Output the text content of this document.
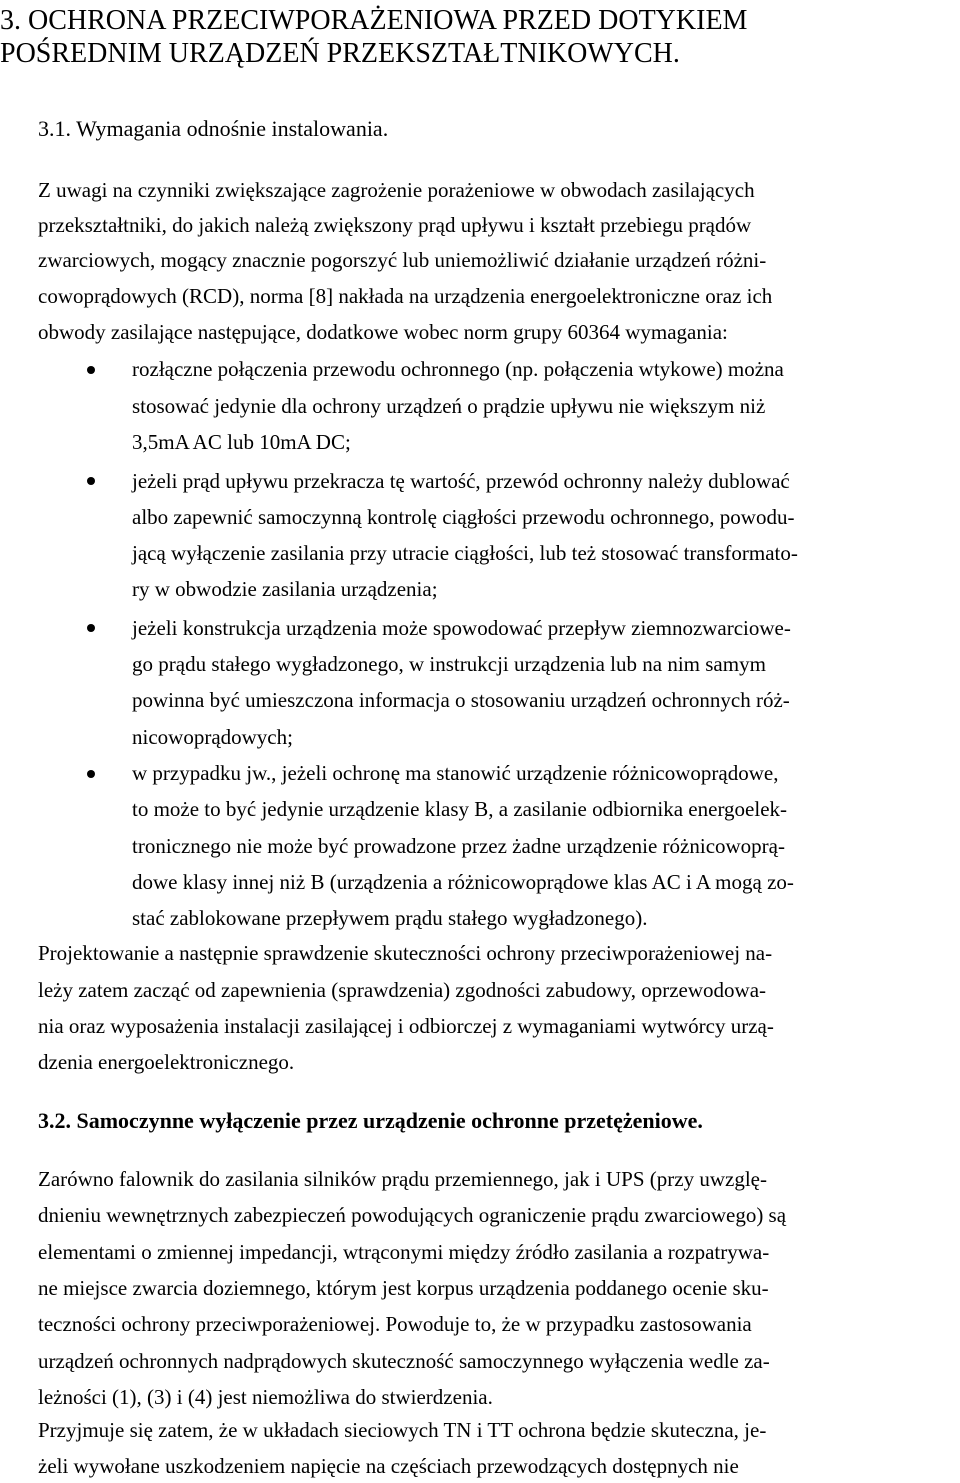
3. OCHRONA PRZECIWPORAŻENIOWA PRZED DOTYKIEM
POŚREDNIM URZĄDZEŃ PRZEKSZTAŁTNIKOWYCH.
3.1. Wymagania odnośnie instalowania.
Z uwagi na czynniki zwiększające zagrożenie porażeniowe w obwodach zasilających
przekształtniki, do jakich należą zwiększony prąd upływu i kształt przebiegu prądów
zwarciowych, mogący znacznie pogorszyć lub uniemożliwić działanie urządzeń różni-
cowoprądowych (RCD), norma [8] nakłada na urządzenia energoelektroniczne oraz ich
obwody zasilające następujące, dodatkowe wobec norm grupy 60364 wymagania:
rozłączne połączenia przewodu ochronnego (np. połączenia wtykowe) można
stosować jedynie dla ochrony urządzeń o prądzie upływu nie większym niż
3,5mA AC lub 10mA DC;
jeżeli prąd upływu przekracza tę wartość, przewód ochronny należy dublować
albo zapewnić samoczynną kontrolę ciągłości przewodu ochronnego, powodu-
jącą wyłączenie zasilania przy utracie ciągłości, lub też stosować transformato-
ry w obwodzie zasilania urządzenia;
jeżeli konstrukcja urządzenia może spowodować przepływ ziemnozwarciowe-
go prądu stałego wygładzonego, w instrukcji urządzenia lub na nim samym
powinna być umieszczona informacja o stosowaniu urządzeń ochronnych róż-
nicowoprądowych;
w przypadku jw., jeżeli ochronę ma stanowić urządzenie różnicowoprądowe,
to może to być jedynie urządzenie klasy B, a zasilanie odbiornika energoelek-
tronicznego nie może być prowadzone przez żadne urządzenie różnicowoprą-
dowe klasy innej niż B (urządzenia a różnicowoprądowe klas AC i A mogą zo-
stać zablokowane przepływem prądu stałego wygładzonego).
Projektowanie a następnie sprawdzenie skuteczności ochrony przeciwporażeniowej na-
leży zatem zacząć od zapewnienia (sprawdzenia) zgodności zabudowy, oprzewodowa-
nia oraz wyposażenia instalacji zasilającej i odbiorczej z wymaganiami wytwórcy urzą-
dzenia energoelektronicznego.
3.2. Samoczynne wyłączenie przez urządzenie ochronne przetężeniowe.
Zarówno falownik do zasilania silników prądu przemiennego, jak i UPS (przy uwzglę-
dnieniu wewnętrznych zabezpieczeń powodujących ograniczenie prądu zwarciowego) są
elementami o zmiennej impedancji, wtrąconymi między źródło zasilania a rozpatrywa-
ne miejsce zwarcia doziemnego, którym jest korpus urządzenia poddanego ocenie sku-
teczności ochrony przeciwporażeniowej. Powoduje to, że w przypadku zastosowania
urządzeń ochronnych nadprądowych skuteczność samoczynnego wyłączenia wedle za-
leżności (1), (3) i (4) jest niemożliwa do stwierdzenia.
Przyjmuje się zatem, że w układach sieciowych TN i TT ochrona będzie skuteczna, je-
żeli wywołane uszkodzeniem napięcie na częściach przewodzących dostępnych nie
